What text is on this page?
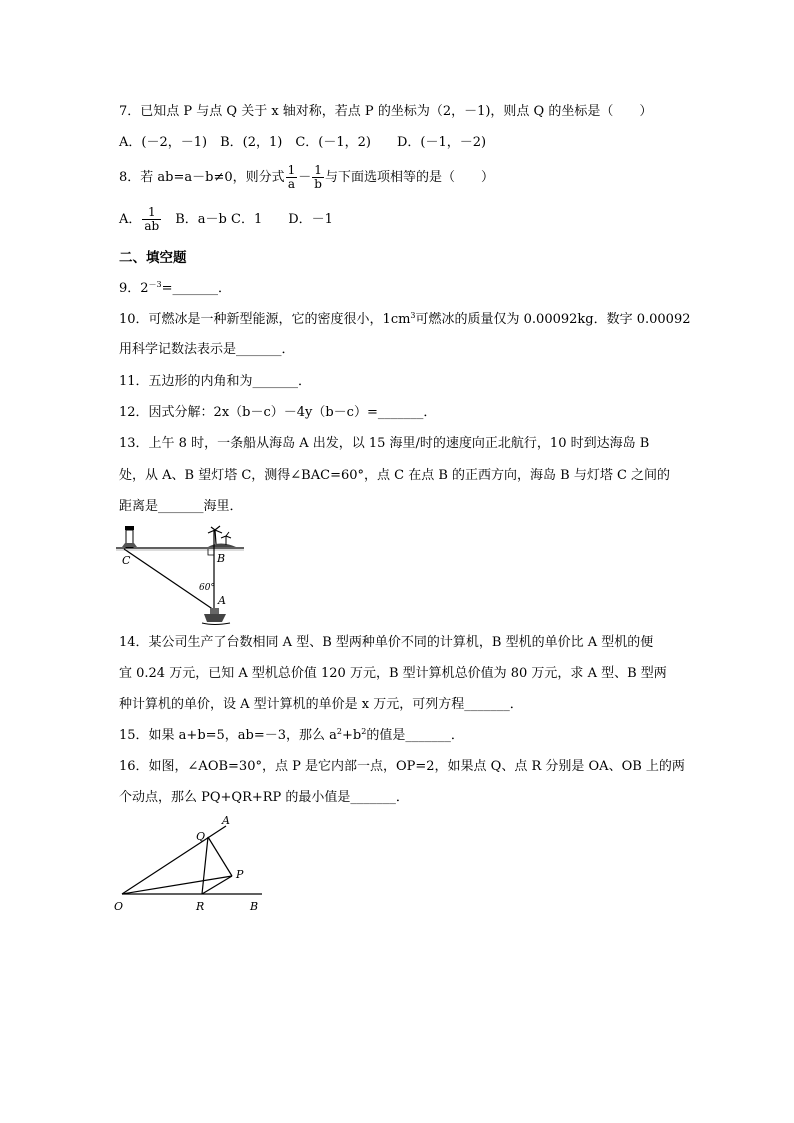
7．已知点 P 与点 Q 关于 x 轴对称，若点 P 的坐标为（2，－1)，则点 Q 的坐标是（　　）
A．(－2，－1)　B．(2，1)　C．(－1，2)　　D．(－1，－2)
8．若 ab=a－b≠0，则分式 $\frac{1}{a} - \frac{1}{b}$ 与下面选项相等的是（　　）
A． $\frac{1}{ab}$ 　B．a－b C．1　　D．－1
二、填空题
9．$2^{-3}=\_\_\_\_\_\_\_$．
10．可燃冰是一种新型能源，它的密度很小，$1cm^3$可燃冰的质量仅为 0.00092kg．数字 0.00092
用科学记数法表示是_______．
11．五边形的内角和为_______．
12．因式分解：2x（b－c）－4y（b－c）=_______．
13．上午 8 时，一条船从海岛 A 出发，以 15 海里/时的速度向正北航行，10 时到达海岛 B
处，从 A、B 望灯塔 C，测得∠BAC=60°，点 C 在点 B 的正西方向，海岛 B 与灯塔 C 之间的
距离是_______海里．
C	B
A
60°
14．某公司生产了台数相同 A 型、B 型两种单价不同的计算机，B 型机的单价比 A 型机的便
宜 0.24 万元，已知 A 型机总价值 120 万元，B 型计算机总价值为 80 万元，求 A 型、B 型两
种计算机的单价，设 A 型计算机的单价是 x 万元，可列方程_______．
15．如果 a+b=5，ab=－3，那么 $a^2+b^2$的值是_______．
16．如图，∠AOB=30°，点 P 是它内部一点，OP=2，如果点 Q、点 R 分别是 OA、OB 上的两
个动点，那么 PQ+QR+RP 的最小值是_______．
O
A
B
Q
R
P
